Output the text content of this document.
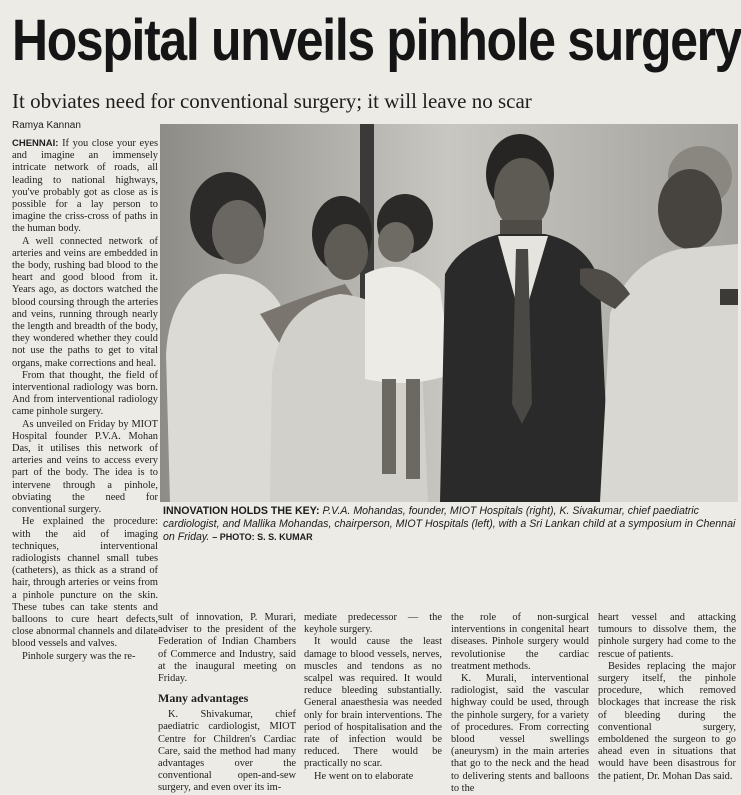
Hospital unveils pinhole surgery
It obviates need for conventional surgery; it will leave no scar
Ramya Kannan

CHENNAI: If you close your eyes and imagine an immensely intricate network of roads, all leading to national highways, you've probably got as close as is possible for a lay person to imagine the criss-cross of paths in the human body.

A well connected network of arteries and veins are embedded in the body, rushing bad blood to the heart and good blood from it. Years ago, as doctors watched the blood coursing through the arteries and veins, running through nearly the length and breadth of the body, they wondered whether they could not use the paths to get to vital organs, make corrections and heal.

From that thought, the field of interventional radiology was born. And from interventional radiology came pinhole surgery.

As unveiled on Friday by MIOT Hospital founder P.V.A. Mohan Das, it utilises this network of arteries and veins to access every part of the body. The idea is to intervene through a pinhole, obviating the need for conventional surgery.

He explained the procedure: with the aid of imaging techniques, interventional radiologists channel small tubes (catheters), as thick as a strand of hair, through arteries or veins from a pinhole puncture on the skin. These tubes can take stents and balloons to cure heart defects, close abnormal channels and dilate blood vessels and valves.

Pinhole surgery was the re-

INNOVATION HOLDS THE KEY: P.V.A. Mohandas, founder, MIOT Hospitals (right), K. Sivakumar, chief paediatric cardiologist, and Mallika Mohandas, chairperson, MIOT Hospitals (left), with a Sri Lankan child at a symposium in Chennai on Friday. – PHOTO: S. S. KUMAR

sult of innovation, P. Murari, adviser to the president of the Federation of Indian Chambers of Commerce and Industry, said at the inaugural meeting on Friday.

Many advantages

K. Shivakumar, chief paediatric cardiologist, MIOT Centre for Children's Cardiac Care, said the method had many advantages over the conventional open-and-sew surgery, and even over its im-

mediate predecessor — the keyhole surgery.

It would cause the least damage to blood vessels, nerves, muscles and tendons as no scalpel was required. It would reduce bleeding substantially. General anaesthesia was needed only for brain interventions. The period of hospitalisation and the rate of infection would be reduced. There would be practically no scar.

He went on to elaborate

the role of non-surgical interventions in congenital heart diseases. Pinhole surgery would revolutionise the cardiac treatment methods.

K. Murali, interventional radiologist, said the vascular highway could be used, through the pinhole surgery, for a variety of procedures. From correcting blood vessel swellings (aneurysm) in the main arteries that go to the neck and the head to delivering stents and balloons to the

heart vessel and attacking tumours to dissolve them, the pinhole surgery had come to the rescue of patients.

Besides replacing the major surgery itself, the pinhole procedure, which removed blockages that increase the risk of bleeding during the conventional surgery, emboldened the surgeon to go ahead even in situations that would have been disastrous for the patient, Dr. Mohan Das said.
